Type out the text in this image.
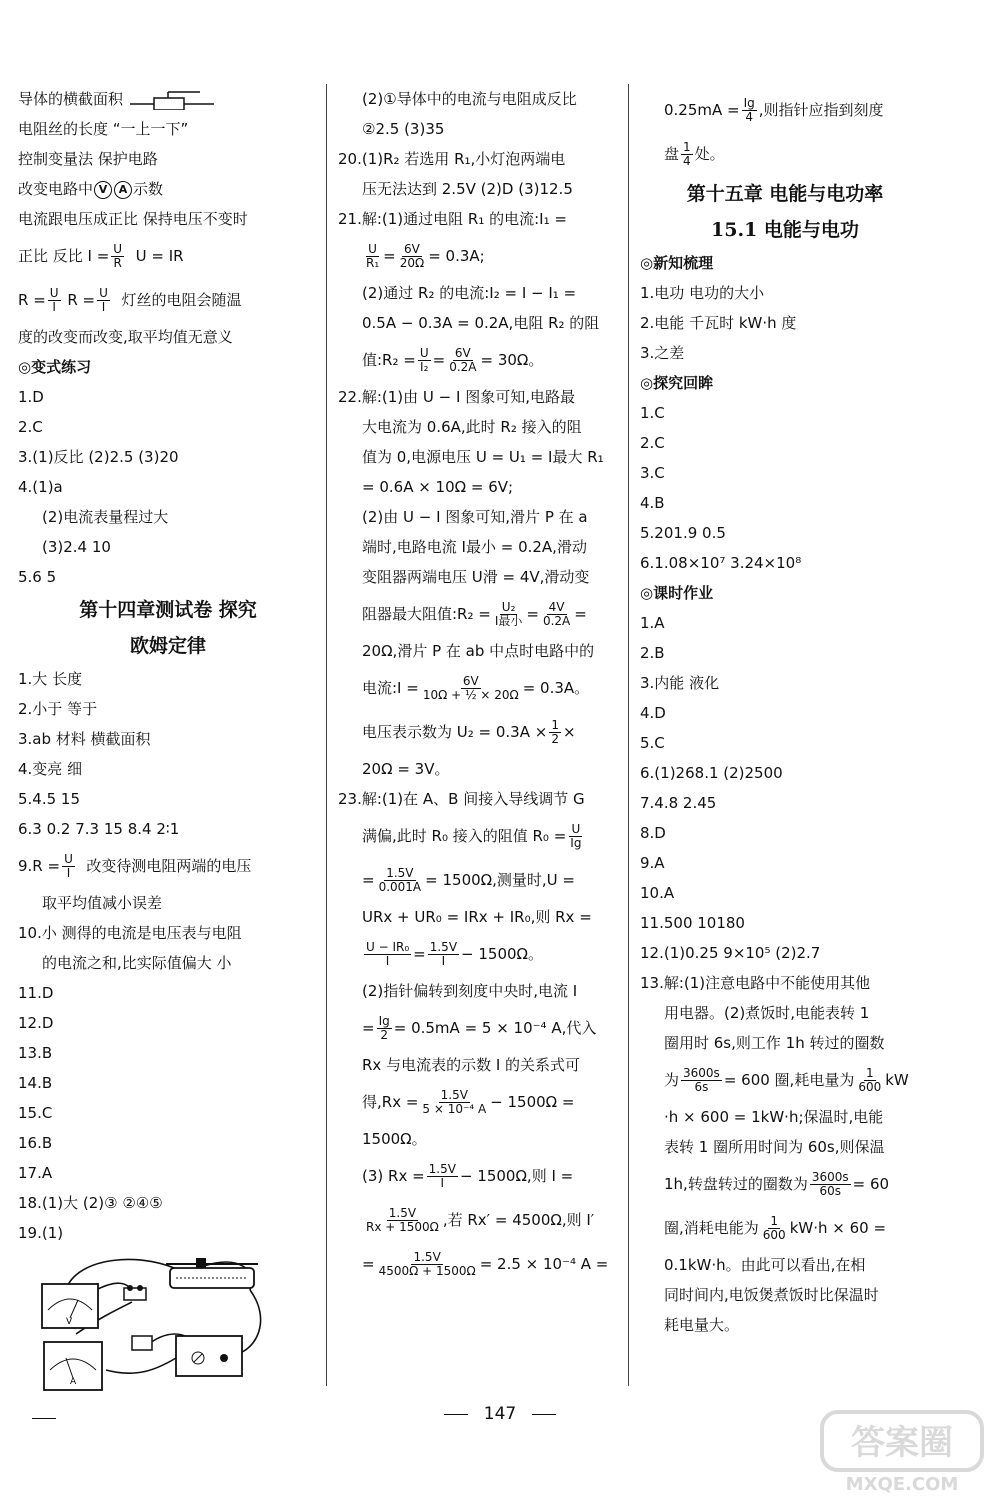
导体的横截面积
电阻丝的长度 “一上一下”
控制变量法 保护电路
改变电路中 V A 示数
电流跟电压成正比 保持电压不变时
正比 反比 $I = \frac{U}{R}$ U = IR
$R = \frac{U}{I}$ $R = \frac{U}{I}$ 灯丝的电阻会随温
度的改变而改变,取平均值无意义
◎变式练习
1.D
2.C
3.(1)反比 (2)2.5 (3)20
4.(1)a
(2)电流表量程过大
(3)2.4 10
5.6 5
第十四章测试卷 探究
欧姆定律
1.大 长度
2.小于 等于
3.ab 材料 横截面积
4.变亮 细
5.4.5 15
6.3 0.2 7.3 15 8.4 2∶1
$9.R = \frac{U}{I}$ 改变待测电阻两端的电压
取平均值减小误差
10.小 测得的电流是电压表与电阻
的电流之和,比实际值偏大 小
11.D
12.D
13.B
14.B
15.C
16.B
17.A
18.(1)大 (2)③ ②④⑤
19.(1)
V
A
(2)①导体中的电流与电阻成反比
②2.5 (3)35
20.(1)R₂ 若选用 R₁,小灯泡两端电
压无法达到 2.5V (2)D (3)12.5
21.解:(1)通过电阻 R₁ 的电流:I₁ =
$\frac{U}{\text{R₁}} = \frac{6V}{20\Omega} = 0.3A$;
(2)通过 R₂ 的电流:I₂ = I − I₁ =
0.5A − 0.3A = 0.2A,电阻 R₂ 的阻
值:R₂ = $\frac{U}{\text{I₂}} = \frac{6V}{0.2A} = 30\Omega$。
22.解:(1)由 U − I 图象可知,电路最
大电流为 0.6A,此时 R₂ 接入的阻
值为 0,电源电压 U = U₁ = I最大 R₁
= 0.6A × 10Ω = 6V;
(2)由 U − I 图象可知,滑片 P 在 a
端时,电路电流 I最小 = 0.2A,滑动
变阻器两端电压 U滑 = 4V,滑动变
阻器最大阻值:R₂ = $\frac{\text{U₂}}{\text{I最小}} = \frac{4V}{0.2A}$ =
20Ω,滑片 P 在 ab 中点时电路中的
电流:I = $\frac{6V}{\text{10Ω + ½ × 20Ω}} = 0.3A$。
电压表示数为 $U_2 = 0.3A \times \frac{1}{2}$ ×
20Ω = 3V。
23.解:(1)在 A、B 间接入导线调节 G
满偏,此时 R₀ 接入的阻值 $R_0 = \frac{U}{Ig}$
= $\frac{1.5V}{0.001A} = 1500\Omega$,测量时,U =
URx + UR₀ = IRx + IR₀,则 Rx =
$\frac{\text{U − IR₀}}{I} = \frac{1.5V}{I} - 1500\Omega$。
(2)指针偏转到刻度中央时,电流 I
= $\frac{Ig}{2} = 0.5mA = 5 \times 10^{-4}$ A,代入
Rx 与电流表的示数 I 的关系式可
得$,Rx = \frac{1.5V}{\text{5 × 10⁻⁴ A}} - 1500\Omega$ =
1500Ω。
(3) $Rx = \frac{1.5V}{I} - 1500\Omega$,则 I =
$\frac{1.5V}{Rx + 1500\Omega}$ ,若 Rx′ = 4500Ω,则 I′
= $\frac{1.5V}{4500\Omega + 1500\Omega} = 2.5 \times 10^{-4}$ A =
$0.25mA = \frac{Ig}{4}$ ,则指针应指到刻度
盘 $\frac{1}{4}$ 处。
第十五章 电能与电功率
15.1 电能与电功
◎新知梳理
1.电功 电功的大小
2.电能 千瓦时 kW·h 度
3.之差
◎探究回眸
1.C
2.C
3.C
4.B
5.201.9 0.5
6.1.08×10⁷ 3.24×10⁸
◎课时作业
1.A
2.B
3.内能 液化
4.D
5.C
6.(1)268.1 (2)2500
7.4.8 2.45
8.D
9.A
10.A
11.500 10180
12.(1)0.25 9×10⁵ (2)2.7
13.解:(1)注意电路中不能使用其他
用电器。(2)煮饭时,电能表转 1
圈用时 6s,则工作 1h 转过的圈数
为 $\frac{3600s}{6s} = 600$ 圈,耗电量为 $\frac{1}{600}$ kW
·h × 600 = 1kW·h;保温时,电能
表转 1 圈所用时间为 60s,则保温
1h,转盘转过的圈数为 $\frac{3600s}{60s} = 60$
圈,消耗电能为 $\frac{1}{600} kW\cdot h \times 60$ =
0.1kW·h。由此可以看出,在相
同时间内,电饭煲煮饭时比保温时
耗电量大。
147
答案圈
MXQE.COM
